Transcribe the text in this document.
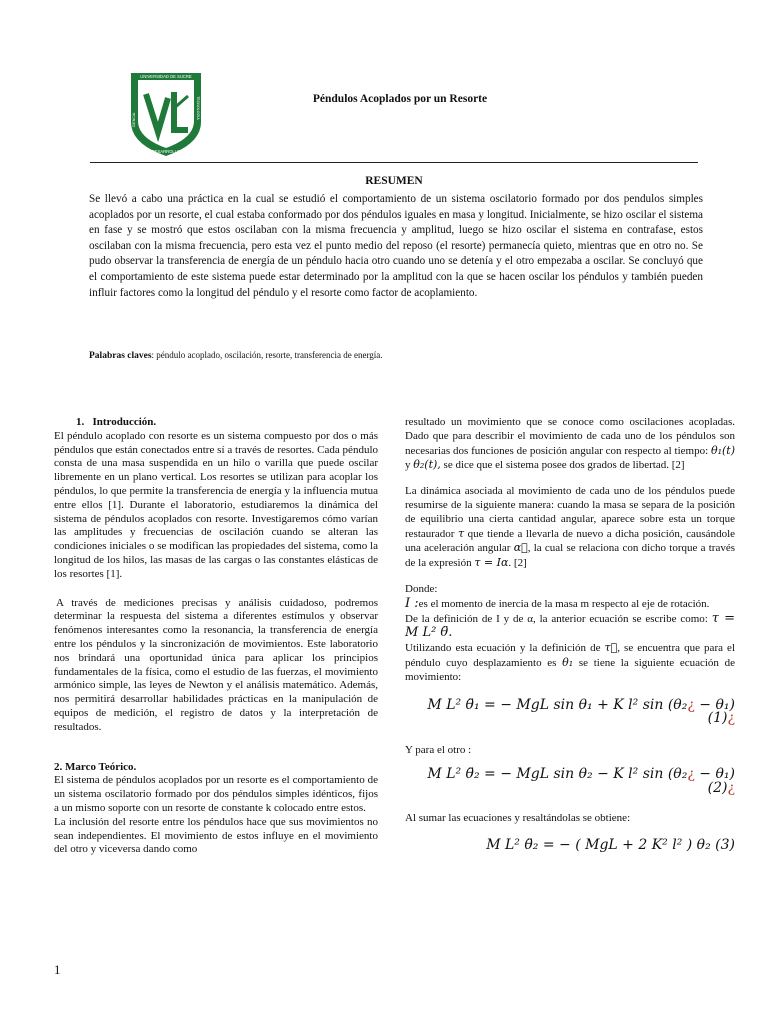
UNIVERSIDAD DE SUCRE
DESARROLLO
CIENCIA
TECNOLOGÍA	Péndulos Acoplados por un Resorte
RESUMEN
Se llevó a cabo una práctica en la cual se estudió el comportamiento de un sistema oscilatorio formado por dos pendulos simples acoplados por un resorte, el cual estaba conformado por dos péndulos iguales en masa y longitud. Inicialmente, se hizo oscilar el sistema en fase y se mostró que estos oscilaban con la misma frecuencia y amplitud, luego se hizo oscilar el sistema en contrafase, estos oscilaban con la misma frecuencia, pero esta vez el punto medio del reposo (el resorte) permanecía quieto, mientras que en otro no. Se pudo observar la transferencia de energía de un péndulo hacia otro cuando uno se detenía y el otro empezaba a oscilar. Se concluyó que el comportamiento de este sistema puede estar determinado por la amplitud con la que se hacen oscilar los péndulos y también pueden influir factores como la longitud del péndulo y el resorte como factor de acoplamiento.
Palabras claves: péndulo acoplado, oscilación, resorte, transferencia de energía.
1.   Introducción.

El péndulo acoplado con resorte es un sistema compuesto por dos o más péndulos que están conectados entre sí a través de resortes. Cada péndulo consta de una masa suspendida en un hilo o varilla que puede oscilar libremente en un plano vertical. Los resortes se utilizan para acoplar los péndulos, lo que permite la transferencia de energía y la influencia mutua entre ellos [1]. Durante el laboratorio, estudiaremos la dinámica del sistema de péndulos acoplados con resorte. Investigaremos cómo varían las amplitudes y frecuencias de oscilación cuando se alteran las condiciones iniciales o se modifican las propiedades del sistema, como la longitud de los hilos, las masas de las cargas o las constantes elásticas de los resortes [1].

A través de mediciones precisas y análisis cuidadoso, podremos determinar la respuesta del sistema a diferentes estímulos y observar fenómenos interesantes como la resonancia, la transferencia de energía entre los péndulos y la sincronización de movimientos. Este laboratorio nos brindará una oportunidad única para aplicar los principios fundamentales de la física, como el estudio de las fuerzas, el movimiento armónico simple, las leyes de Newton y el análisis matemático. Además, nos permitirá desarrollar habilidades prácticas en la manipulación de equipos de medición, el registro de datos y la interpretación de resultados.

2. Marco Teórico.

El sistema de péndulos acoplados por un resorte es el comportamiento de un sistema oscilatorio formado por dos péndulos simples idénticos, fijos a un mismo soporte con un resorte de constante k colocado entre estos.

La inclusión del resorte entre los péndulos hace que sus movimientos no sean independientes. El movimiento de estos influye en el movimiento del otro y viceversa dando como

resultado un movimiento que se conoce como oscilaciones acopladas. Dado que para describir el movimiento de cada uno de los péndulos son necesarias dos funciones de posición angular con respecto al tiempo: θ₁(t) y θ₂(t), se dice que el sistema posee dos grados de libertad. [2]

La dinámica asociada al movimiento de cada uno de los péndulos puede resumirse de la siguiente manera: cuando la masa se separa de la posición de equilibrio una cierta cantidad angular, aparece sobre esta un torque restaurador τ que tiende a llevarla de nuevo a dicha posición, causándole una aceleración angular α⃗, la cual se relaciona con dicho torque a través de la expresión τ = Iα. [2]

Donde:

I :es el momento de inercia de la masa m respecto al eje de rotación.

De la definición de I y de α, la anterior ecuación se escribe como: τ = M L² θ̈.

Utilizando esta ecuación y la definición de τ⃗, se encuentra que para el péndulo cuyo desplazamiento es θ₁ se tiene la siguiente ecuación de movimiento:

M L² θ̈₁ = − MgL sin θ₁ + K l² sin (θ₂¿ − θ₁) (1)¿

Y para el otro :

M L² θ̈₂ = − MgL sin θ₂ − K l² sin (θ₂¿ − θ₁) (2)¿

Al sumar las ecuaciones y resaltándolas se obtiene:

M L² θ̈₂ = − ( MgL + 2 K² l² ) θ₂ (3)
1
